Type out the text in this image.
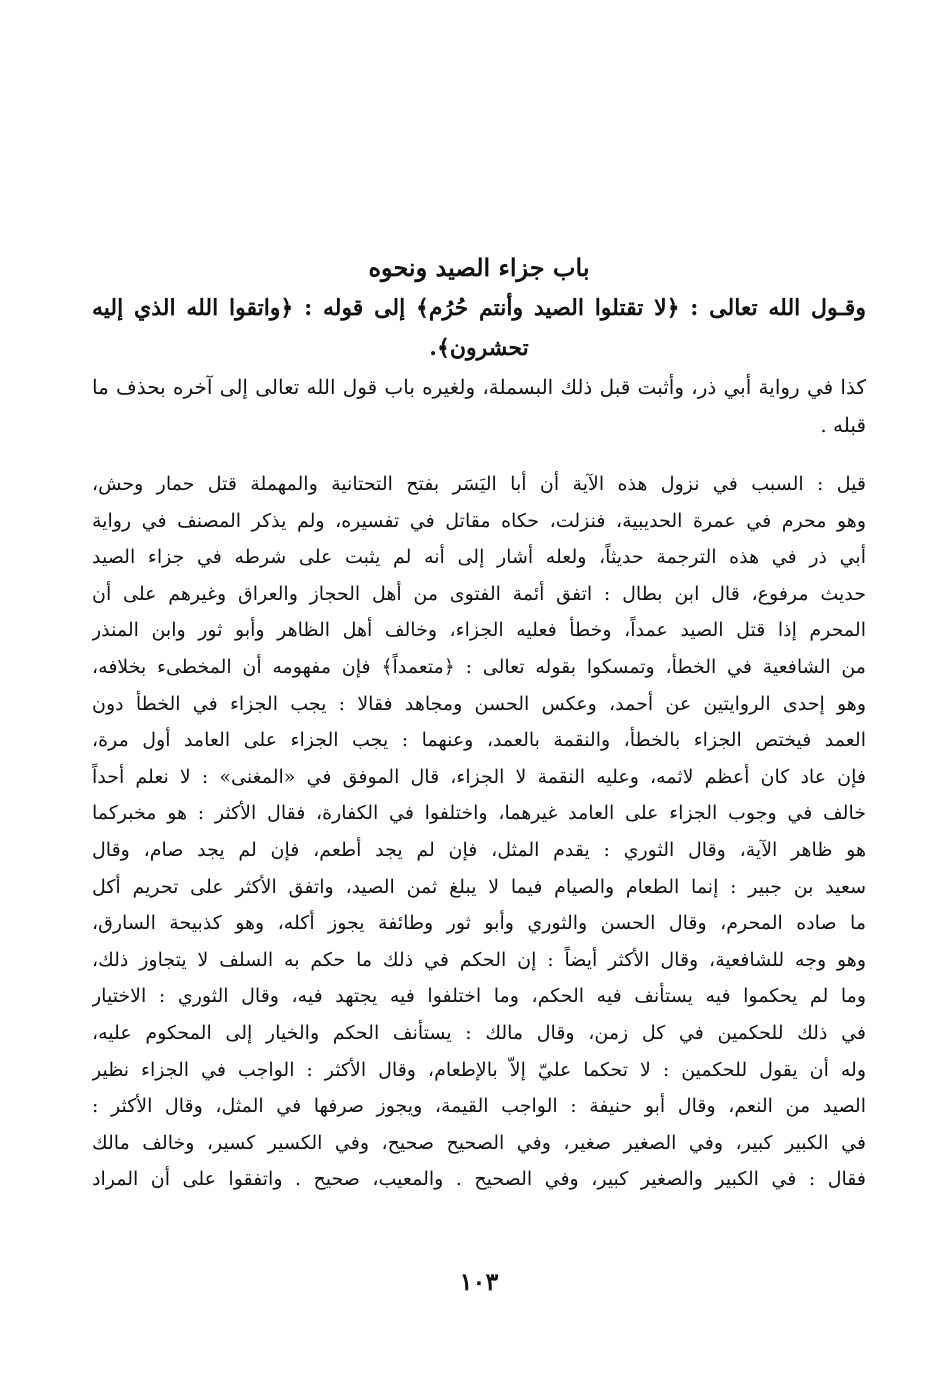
باب جزاء الصيد ونحوه

وقـول الله تعالى : ﴿لا تقتلوا الصيد وأنتم حُرُم﴾ إلى قوله : ﴿واتقوا الله الذي إليه

تحشرون﴾.

كذا في رواية أبي ذر، وأثبت قبل ذلك البسملة، ولغيره باب قول الله تعالى إلى آخره بحذف ما قبله .

قيل : السبب في نزول هذه الآية أن أبا اليَسَر بفتح التحتانية والمهملة قتل حمار وحش،
وهو محرم في عمرة الحديبية، فنزلت، حكاه مقاتل في تفسيره، ولم يذكر المصنف في رواية
أبي ذر في هذه الترجمة حديثاً، ولعله أشار إلى أنه لم يثبت على شرطه في جزاء الصيد
حديث مرفوع، قال ابن بطال : اتفق أئمة الفتوى من أهل الحجاز والعراق وغيرهم على أن
المحرم إذا قتل الصيد عمداً، وخطأ فعليه الجزاء، وخالف أهل الظاهر وأبو ثور وابن المنذر
من الشافعية في الخطأ، وتمسكوا بقوله تعالى : ﴿متعمداً﴾ فإن مفهومه أن المخطىء بخلافه،
وهو إحدى الروايتين عن أحمد، وعكس الحسن ومجاهد فقالا : يجب الجزاء في الخطأ دون
العمد فيختص الجزاء بالخطأ، والنقمة بالعمد، وعنهما : يجب الجزاء على العامد أول مرة،
فإن عاد كان أعظم لاثمه، وعليه النقمة لا الجزاء، قال الموفق في «المغنى» : لا نعلم أحداً
خالف في وجوب الجزاء على العامد غيرهما، واختلفوا في الكفارة، فقال الأكثر : هو مخبركما
هو ظاهر الآية، وقال الثوري : يقدم المثل، فإن لم يجد أطعم، فإن لم يجد صام، وقال
سعيد بن جبير : إنما الطعام والصيام فيما لا يبلغ ثمن الصيد، واتفق الأكثر على تحريم أكل
ما صاده المحرم، وقال الحسن والثوري وأبو ثور وطائفة يجوز أكله، وهو كذبيحة السارق،
وهو وجه للشافعية، وقال الأكثر أيضاً : إن الحكم في ذلك ما حكم به السلف لا يتجاوز ذلك،
وما لم يحكموا فيه يستأنف فيه الحكم، وما اختلفوا فيه يجتهد فيه، وقال الثوري : الاختيار
في ذلك للحكمين في كل زمن، وقال مالك : يستأنف الحكم والخيار إلى المحكوم عليه،
وله أن يقول للحكمين : لا تحكما عليّ إلاّ بالإطعام، وقال الأكثر : الواجب في الجزاء نظير
الصيد من النعم، وقال أبو حنيفة : الواجب القيمة، ويجوز صرفها في المثل، وقال الأكثر :
في الكبير كبير، وفي الصغير صغير، وفي الصحيح صحيح، وفي الكسير كسير، وخالف مالك
فقال : في الكبير والصغير كبير، وفي الصحيح . والمعيب، صحيح . واتفقوا على أن المراد
١٠٣
